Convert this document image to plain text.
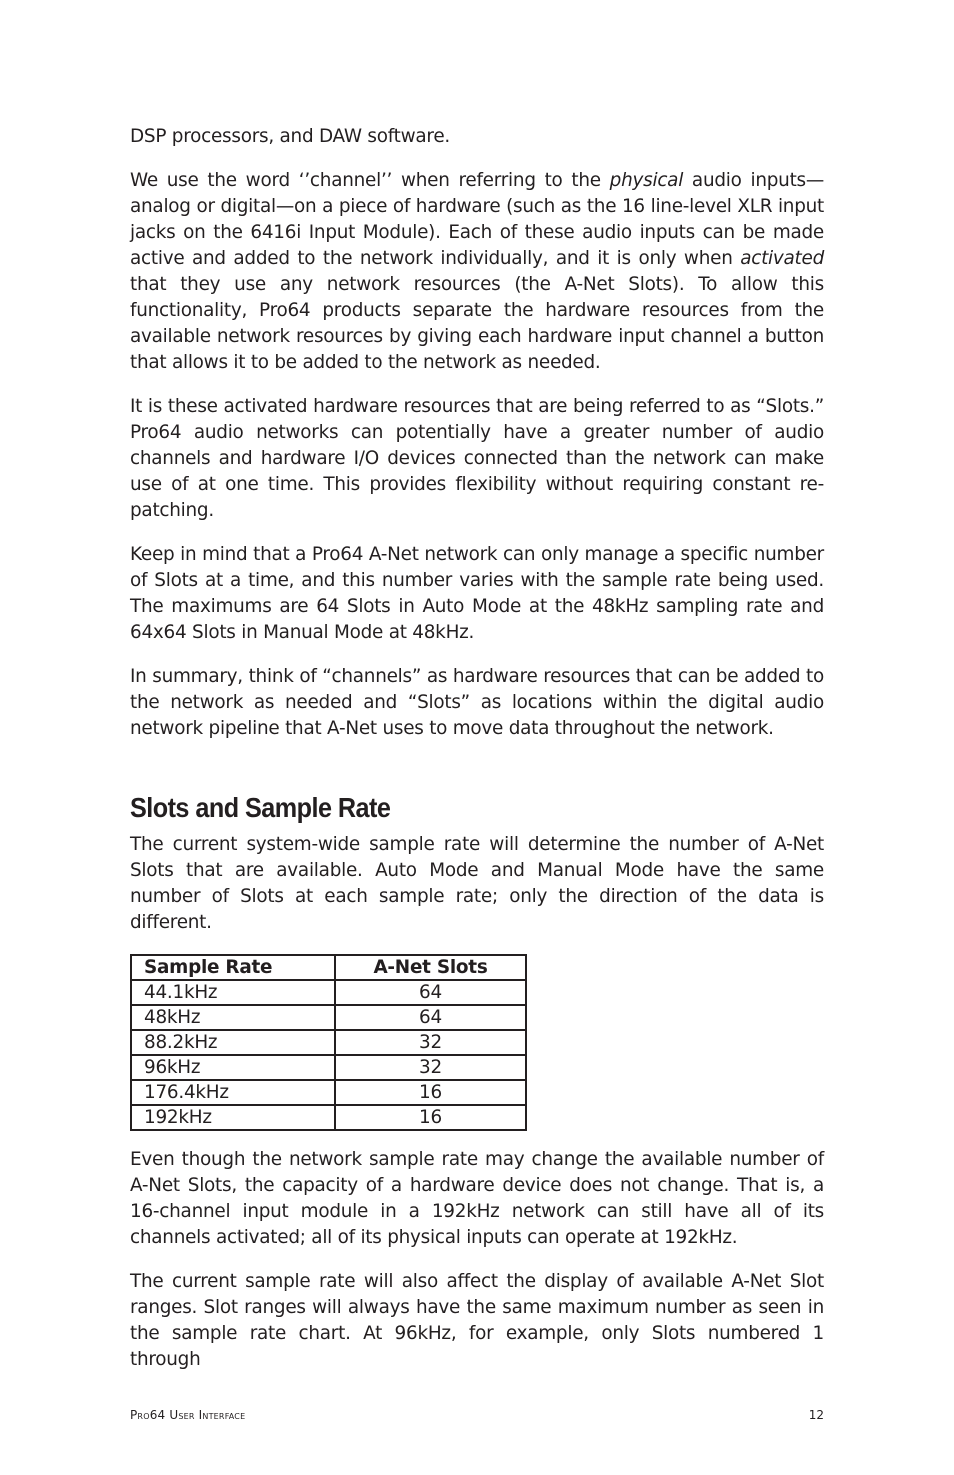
DSP processors, and DAW software.

We use the word ‘’channel’’ when referring to the physical audio inputs—analog or digital—on a piece of hardware (such as the 16 line-level XLR input jacks on the 6416i Input Module). Each of these audio inputs can be made active and added to the network individually, and it is only when activated that they use any network resources (the A-Net Slots). To allow this functionality, Pro64 products separate the hardware resources from the available network resources by giving each hardware input channel a button that allows it to be added to the network as needed.

It is these activated hardware resources that are being referred to as “Slots.” Pro64 audio networks can potentially have a greater number of audio channels and hardware I/O devices connected than the network can make use of at one time. This provides flexibility without requiring constant re-patching.

Keep in mind that a Pro64 A-Net network can only manage a specific number of Slots at a time, and this number varies with the sample rate being used. The maximums are 64 Slots in Auto Mode at the 48kHz sampling rate and 64x64 Slots in Manual Mode at 48kHz.

In summary, think of “channels” as hardware resources that can be added to the network as needed and “Slots” as locations within the digital audio network pipeline that A-Net uses to move data throughout the network.

Slots and Sample Rate

The current system-wide sample rate will determine the number of A-Net Slots that are available. Auto Mode and Manual Mode have the same number of Slots at each sample rate; only the direction of the data is different.

Sample Rate	A-Net Slots
44.1kHz	64
48kHz	64
88.2kHz	32
96kHz	32
176.4kHz	16
192kHz	16

Even though the network sample rate may change the available number of A-Net Slots, the capacity of a hardware device does not change. That is, a 16-channel input module in a 192kHz network can still have all of its channels activated; all of its physical inputs can operate at 192kHz.

The current sample rate will also affect the display of available A-Net Slot ranges. Slot ranges will always have the same maximum number as seen in the sample rate chart. At 96kHz, for example, only Slots numbered 1 through

Pro64 User Interface	12
